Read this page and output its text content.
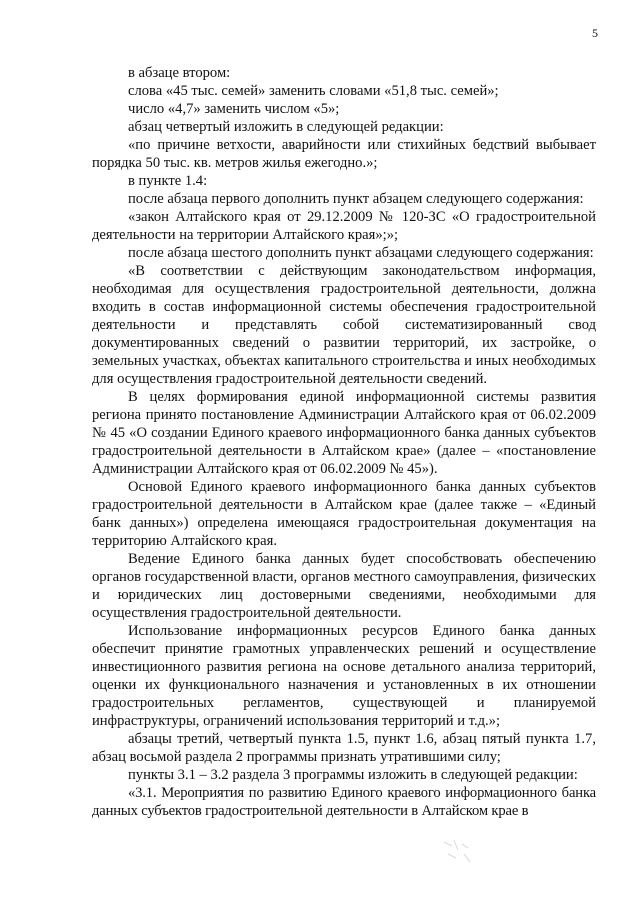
5

в абзаце втором:

слова «45 тыс. семей» заменить словами «51,8 тыс. семей»;

число «4,7» заменить числом «5»;

абзац четвертый изложить в следующей редакции:

«по причине ветхости, аварийности или стихийных бедствий выбывает порядка 50 тыс. кв. метров жилья ежегодно.»;

в пункте 1.4:

после абзаца первого дополнить пункт абзацем следующего содержания:

«закон Алтайского края от 29.12.2009 № 120-ЗС «О градостроительной деятельности на территории Алтайского края»;»;

после абзаца шестого дополнить пункт абзацами следующего содержания:

«В соответствии с действующим законодательством информация, необходимая для осуществления градостроительной деятельности, должна входить в состав информационной системы обеспечения градостроительной деятельности и представлять собой систематизированный свод документированных сведений о развитии территорий, их застройке, о земельных участках, объектах капитального строительства и иных необходимых для осуществления градостроительной деятельности сведений.

В целях формирования единой информационной системы развития региона принято постановление Администрации Алтайского края от 06.02.2009 № 45 «О создании Единого краевого информационного банка данных субъектов градостроительной деятельности в Алтайском крае» (далее – «постановление Администрации Алтайского края от 06.02.2009 № 45»).

Основой Единого краевого информационного банка данных субъектов градостроительной деятельности в Алтайском крае (далее также – «Единый банк данных») определена имеющаяся градостроительная документация на территорию Алтайского края.

Ведение Единого банка данных будет способствовать обеспечению органов государственной власти, органов местного самоуправления, физических и юридических лиц достоверными сведениями, необходимыми для осуществления градостроительной деятельности.

Использование информационных ресурсов Единого банка данных обеспечит принятие грамотных управленческих решений и осуществление инвестиционного развития региона на основе детального анализа территорий, оценки их функционального назначения и установленных в их отношении градостроительных регламентов, существующей и планируемой инфраструктуры, ограничений использования территорий и т.д.»;

абзацы третий, четвертый пункта 1.5, пункт 1.6, абзац пятый пункта 1.7, абзац восьмой раздела 2 программы признать утратившими силу;

пункты 3.1 – 3.2 раздела 3 программы изложить в следующей редакции:

«3.1. Мероприятия по развитию Единого краевого информационного банка данных субъектов градостроительной деятельности в Алтайском крае в
